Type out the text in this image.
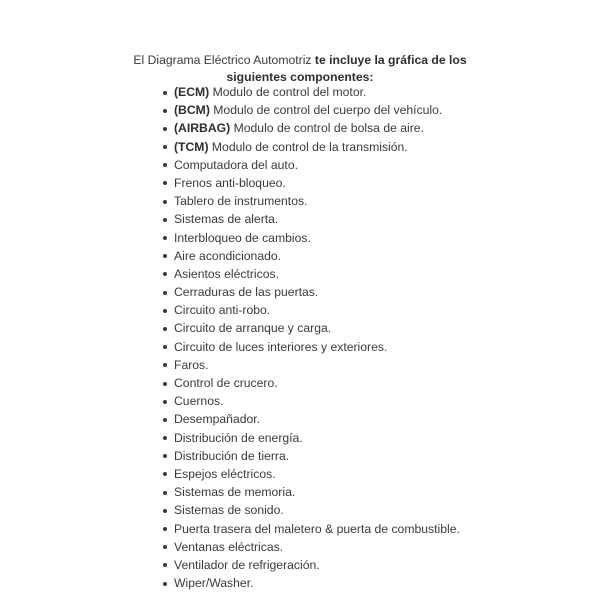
El Diagrama Eléctrico Automotriz te incluye la gráfica de los siguientes componentes:

(ECM) Modulo de control del motor.
(BCM) Modulo de control del cuerpo del vehículo.
(AIRBAG) Modulo de control de bolsa de aire.
(TCM) Modulo de control de la transmisión.
Computadora del auto.
Frenos anti-bloqueo.
Tablero de instrumentos.
Sistemas de alerta.
Interbloqueo de cambios.
Aire acondicionado.
Asientos eléctricos.
Cerraduras de las puertas.
Circuito anti-robo.
Circuito de arranque y carga.
Circuito de luces interiores y exteriores.
Faros.
Control de crucero.
Cuernos.
Desempañador.
Distribución de energía.
Distribución de tierra.
Espejos eléctricos.
Sistemas de memoria.
Sistemas de sonido.
Puerta trasera del maletero & puerta de combustible.
Ventanas eléctricas.
Ventilador de refrigeración.
Wiper/Washer.
